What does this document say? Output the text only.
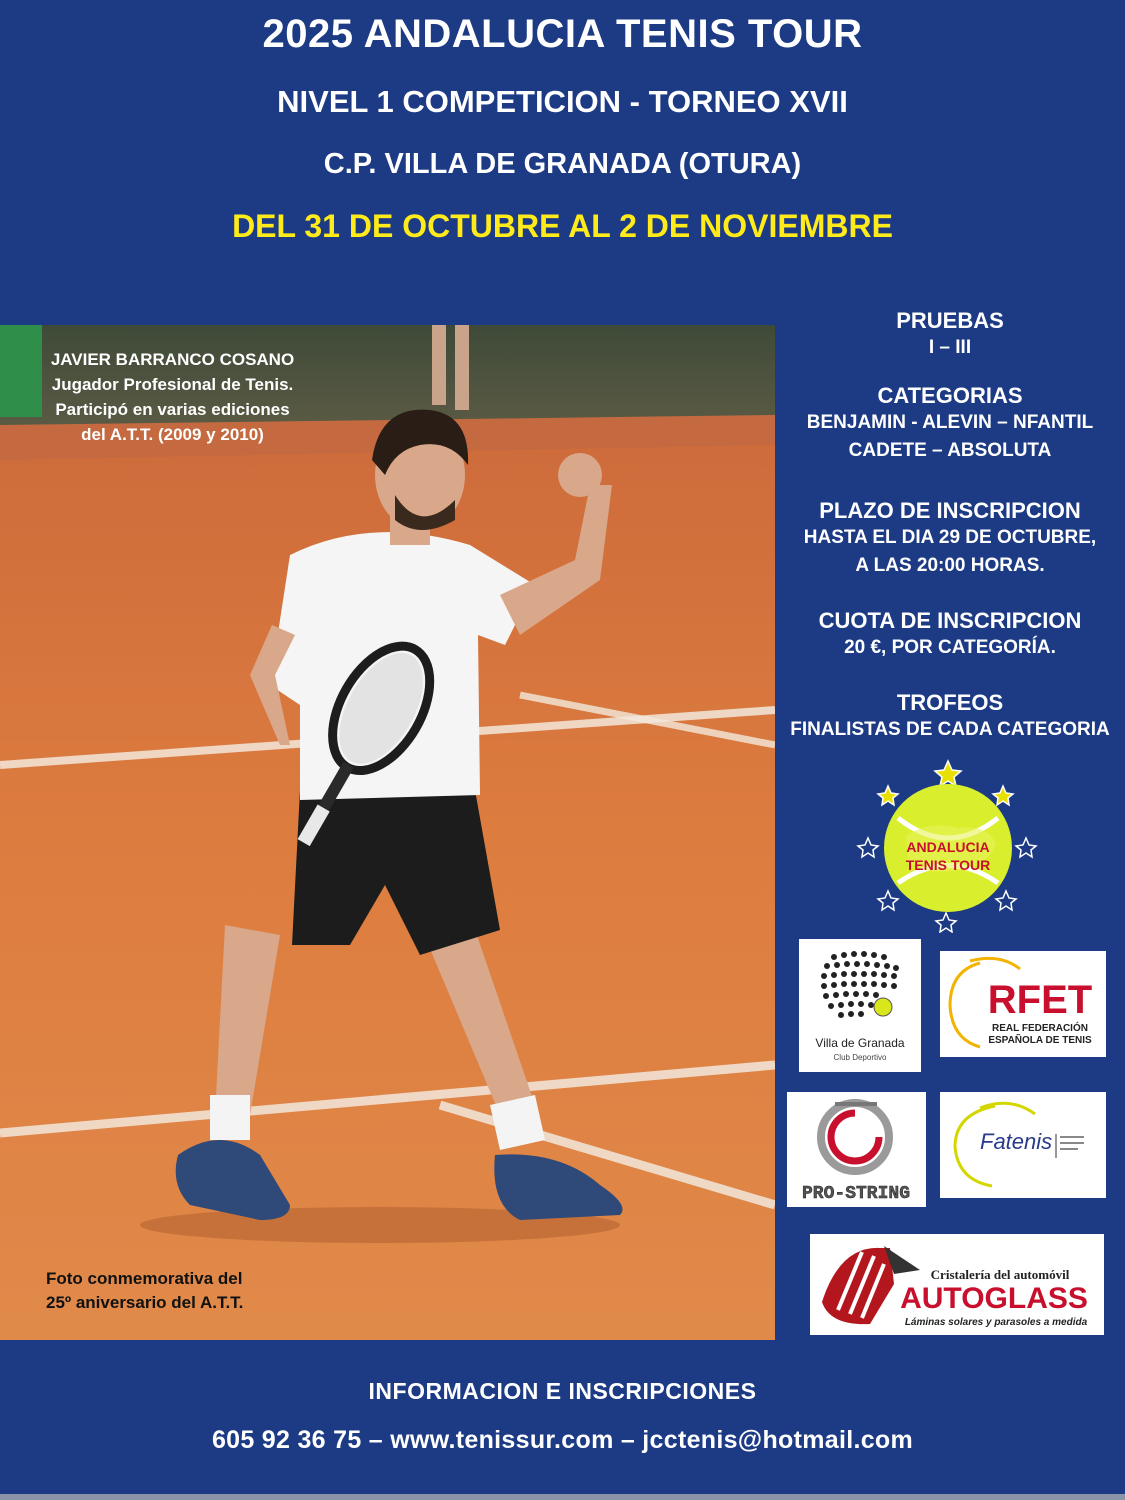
2025 ANDALUCIA TENIS TOUR
NIVEL 1 COMPETICION - TORNEO XVII
C.P. VILLA DE GRANADA (OTURA)
DEL 31 DE OCTUBRE AL 2 DE NOVIEMBRE
JAVIER BARRANCO COSANO
Jugador Profesional de Tenis.
Participó en varias ediciones
del A.T.T. (2009 y 2010)
Foto conmemorativa del
25º aniversario del A.T.T.
PRUEBAS
I – III
CATEGORIAS
BENJAMIN - ALEVIN – NFANTIL
CADETE – ABSOLUTA
PLAZO DE INSCRIPCION
HASTA EL DIA 29 DE OCTUBRE,
A LAS 20:00 HORAS.
CUOTA DE INSCRIPCION
20 €, POR CATEGORÍA.
TROFEOS
FINALISTAS DE CADA CATEGORIA
ANDALUCIA
TENIS TOUR
Villa de Granada
Club Deportivo
RFET
REAL FEDERACIÓN
ESPAÑOLA DE TENIS
PRO-STRING
Fatenis
Cristalería del automóvil
AUTOGLASS
Láminas solares y parasoles a medida
INFORMACION E INSCRIPCIONES
605 92 36 75 – www.tenissur.com – jcctenis@hotmail.com
